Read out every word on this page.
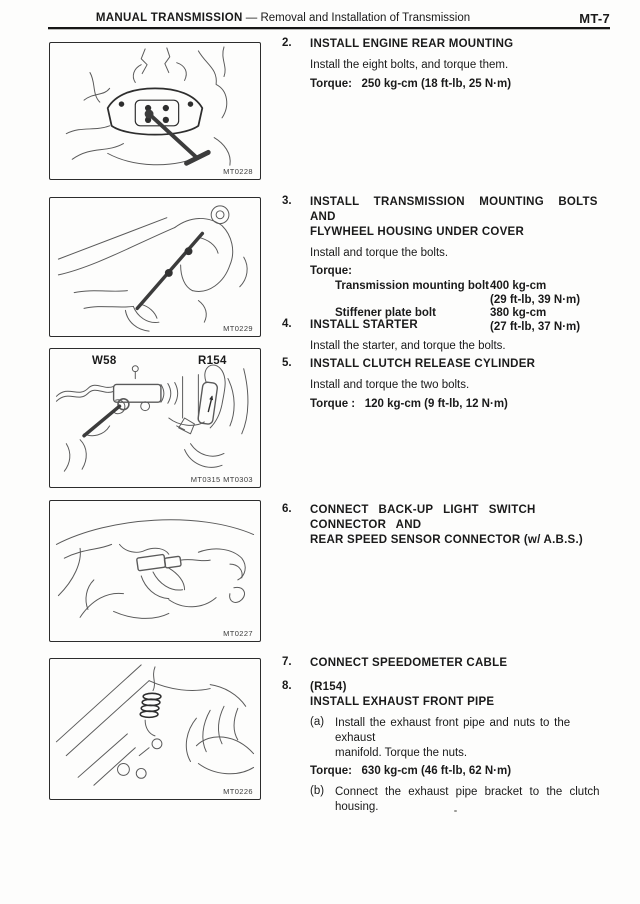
MANUAL TRANSMISSION — Removal and Installation of Transmission	MT-7
MT0228
MT0229
W58	R154
MT0315 MT0303
MT0227
MT0226
2. INSTALL ENGINE REAR MOUNTING
Install the eight bolts, and torque them.
Torque:   250 kg-cm (18 ft-lb, 25 N·m)
3. INSTALL TRANSMISSION MOUNTING BOLTS AND
FLYWHEEL HOUSING UNDER COVER
Install and torque the bolts.
Torque:
Transmission mounting bolt 400 kg-cm
(29 ft-lb, 39 N·m)
Stiffener plate bolt	380 kg-cm
(27 ft-lb, 37 N·m)
4. INSTALL STARTER
Install the starter, and torque the bolts.
5. INSTALL CLUTCH RELEASE CYLINDER
Install and torque the two bolts.
Torque :   120 kg-cm (9 ft-lb, 12 N·m)
6. CONNECT BACK-UP LIGHT SWITCH CONNECTOR AND
REAR SPEED SENSOR CONNECTOR (w/ A.B.S.)
7. CONNECT SPEEDOMETER CABLE
8. (R154)
INSTALL EXHAUST FRONT PIPE
(a) Install the exhaust front pipe and nuts to the exhaust
manifold. Torque the nuts.
Torque:   630 kg-cm (46 ft-lb, 62 N·m)
(b) Connect the exhaust pipe bracket to the clutch
housing.
